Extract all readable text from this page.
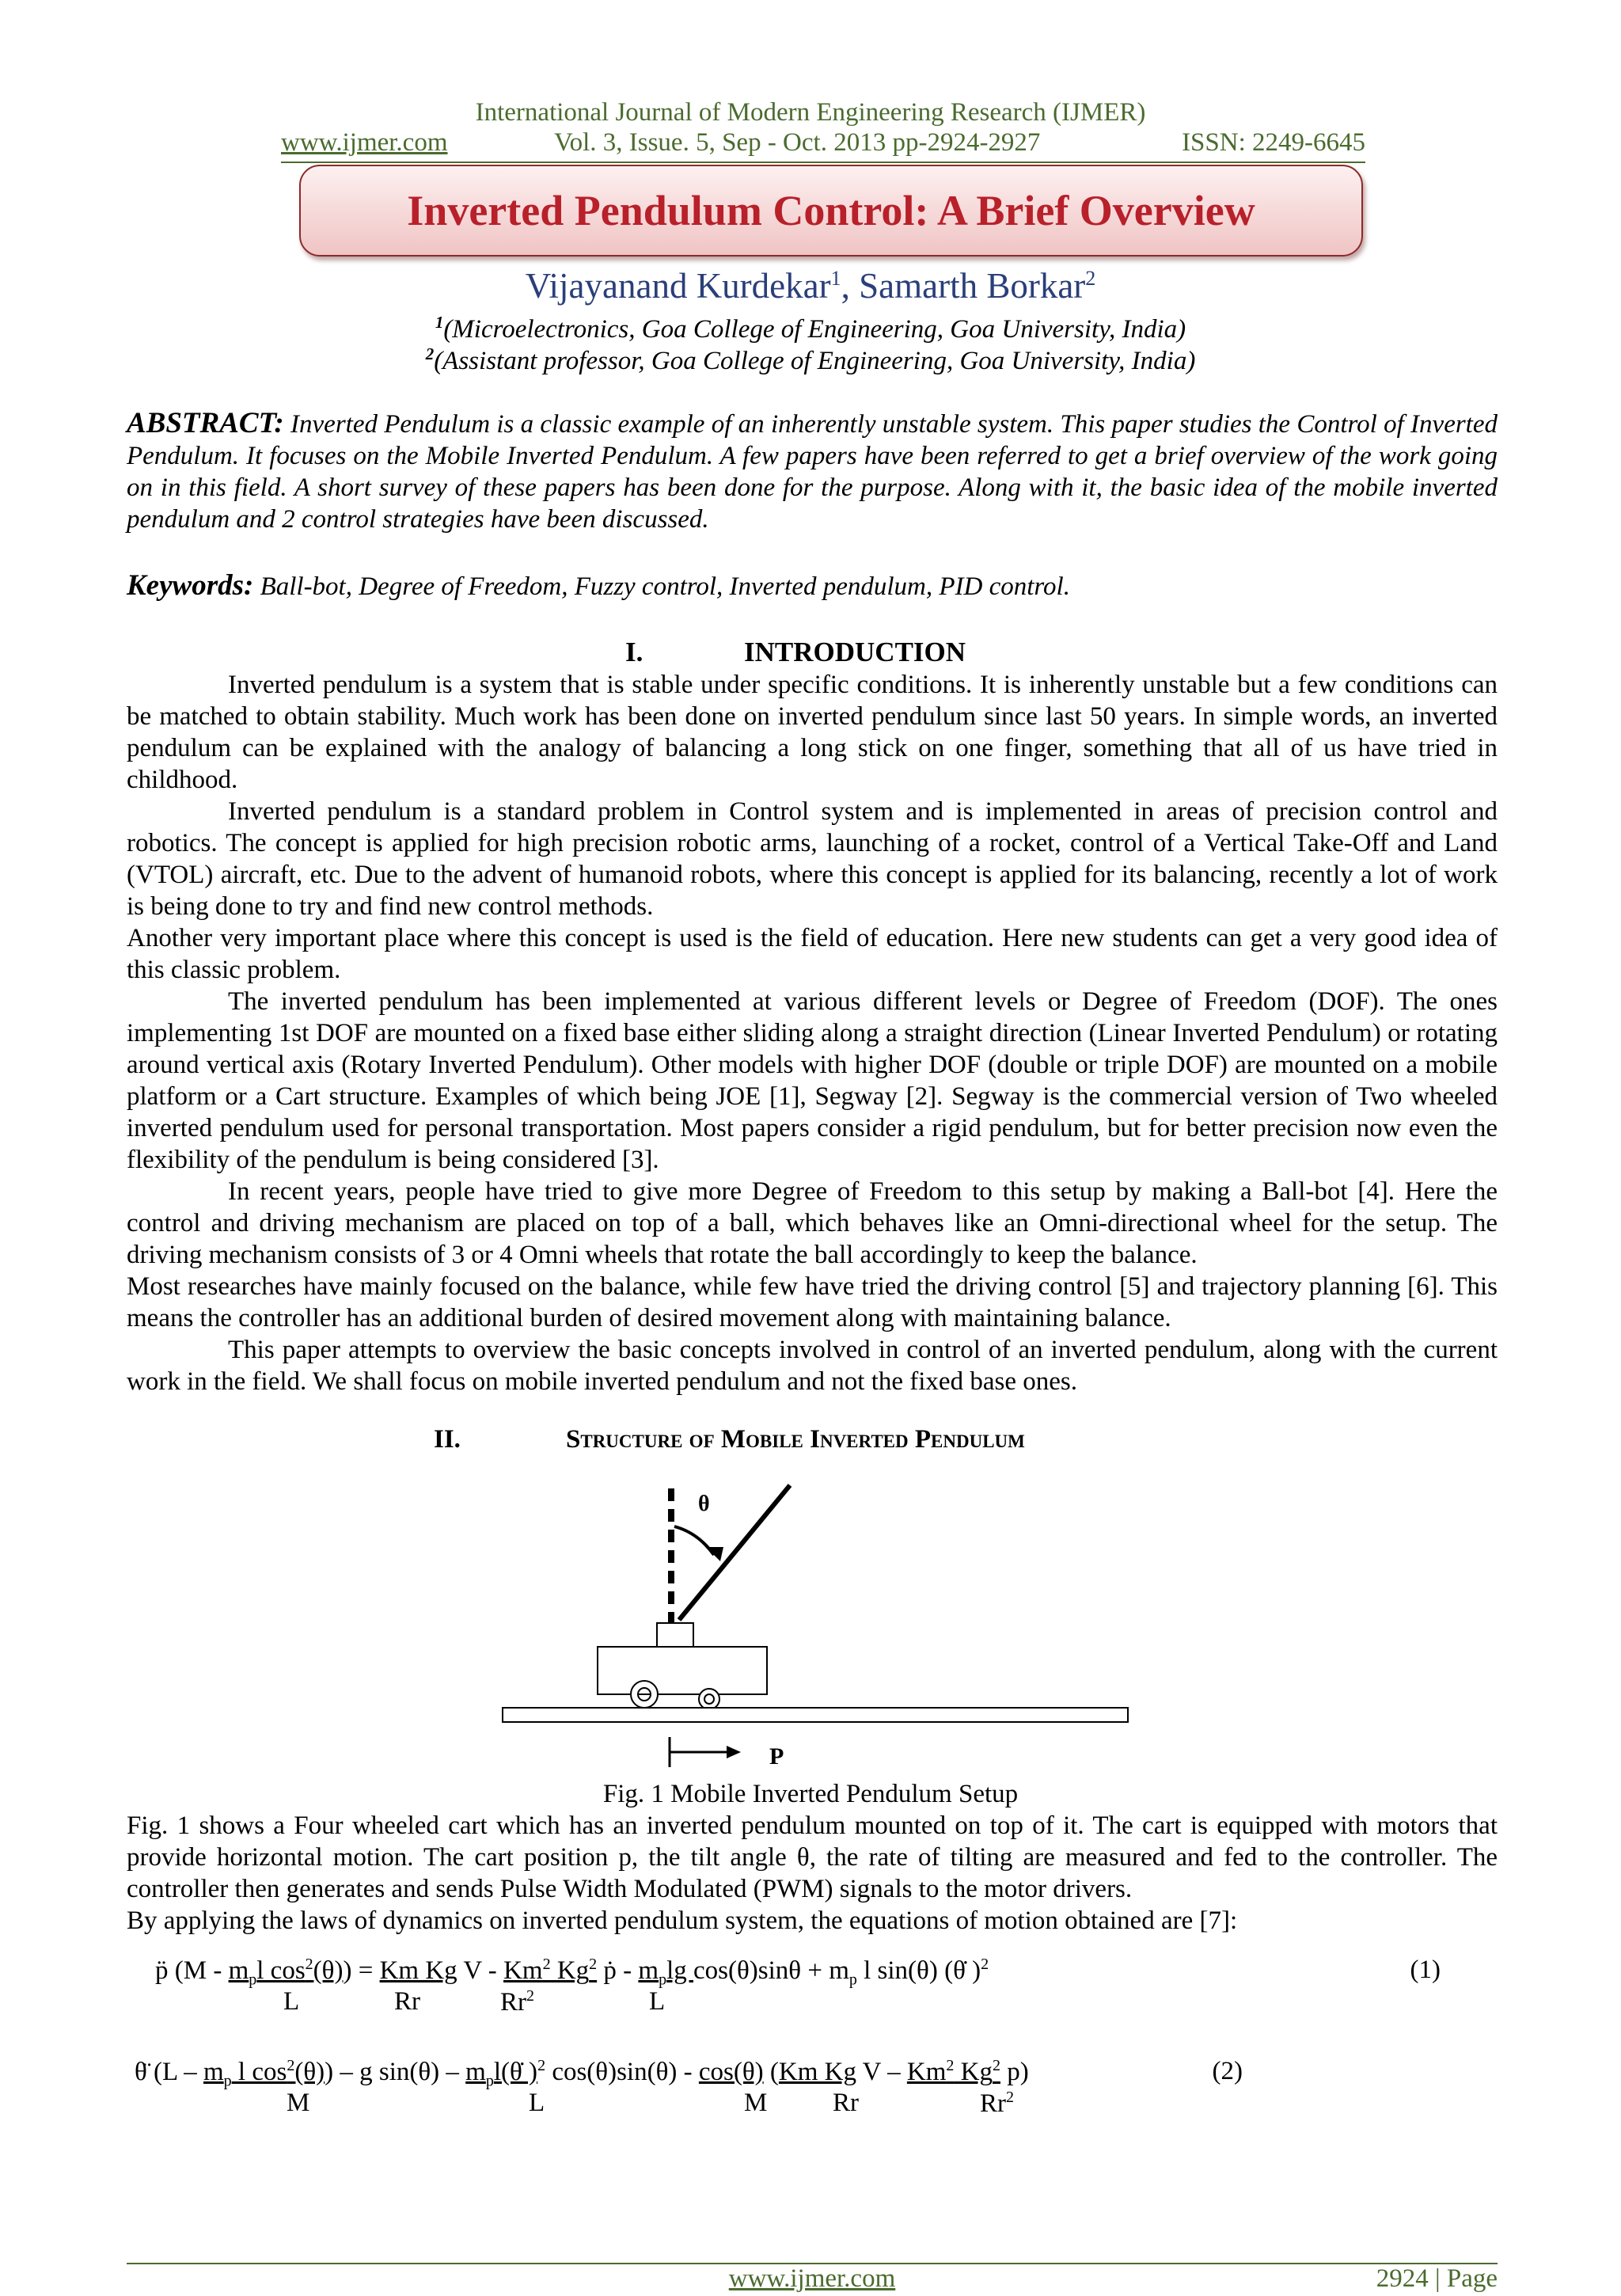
International Journal of Modern Engineering Research (IJMER)
www.ijmer.com	Vol. 3, Issue. 5, Sep - Oct. 2013 pp-2924-2927	ISSN: 2249-6645
Inverted Pendulum Control: A Brief Overview
Vijayanand Kurdekar$^1$, Samarth Borkar$^2$
$^1$(Microelectronics, Goa College of Engineering, Goa University, India)
$^2$(Assistant professor, Goa College of Engineering, Goa University, India)
ABSTRACT: Inverted Pendulum is a classic example of an inherently unstable system. This paper studies the Control of Inverted Pendulum. It focuses on the Mobile Inverted Pendulum. A few papers have been referred to get a brief overview of the work going on in this field. A short survey of these papers has been done for the purpose. Along with it, the basic idea of the mobile inverted pendulum and 2 control strategies have been discussed.
Keywords: Ball-bot, Degree of Freedom, Fuzzy control, Inverted pendulum, PID control.
I.	INTRODUCTION

Inverted pendulum is a system that is stable under specific conditions. It is inherently unstable but a few conditions can be matched to obtain stability. Much work has been done on inverted pendulum since last 50 years. In simple words, an inverted pendulum can be explained with the analogy of balancing a long stick on one finger, something that all of us have tried in childhood.

Inverted pendulum is a standard problem in Control system and is implemented in areas of precision control and robotics. The concept is applied for high precision robotic arms, launching of a rocket, control of a Vertical Take-Off and Land (VTOL) aircraft, etc. Due to the advent of humanoid robots, where this concept is applied for its balancing, recently a lot of work is being done to try and find new control methods.

Another very important place where this concept is used is the field of education. Here new students can get a very good idea of this classic problem.

The inverted pendulum has been implemented at various different levels or Degree of Freedom (DOF). The ones implementing 1st DOF are mounted on a fixed base either sliding along a straight direction (Linear Inverted Pendulum) or rotating around vertical axis (Rotary Inverted Pendulum). Other models with higher DOF (double or triple DOF) are mounted on a mobile platform or a Cart structure. Examples of which being JOE [1], Segway [2]. Segway is the commercial version of Two wheeled inverted pendulum used for personal transportation. Most papers consider a rigid pendulum, but for better precision now even the flexibility of the pendulum is being considered [3].

In recent years, people have tried to give more Degree of Freedom to this setup by making a Ball-bot [4]. Here the control and driving mechanism are placed on top of a ball, which behaves like an Omni-directional wheel for the setup. The driving mechanism consists of 3 or 4 Omni wheels that rotate the ball accordingly to keep the balance.

Most researches have mainly focused on the balance, while few have tried the driving control [5] and trajectory planning [6]. This means the controller has an additional burden of desired movement along with maintaining balance.

This paper attempts to overview the basic concepts involved in control of an inverted pendulum, along with the current work in the field. We shall focus on mobile inverted pendulum and not the fixed base ones.

II.	Structure of Mobile Inverted Pendulum
θ
P
Fig. 1 Mobile Inverted Pendulum Setup

Fig. 1 shows a Four wheeled cart which has an inverted pendulum mounted on top of it. The cart is equipped with motors that provide horizontal motion. The cart position p, the tilt angle θ, the rate of tilting are measured and fed to the controller. The controller then generates and sends Pulse Width Modulated (PWM) signals to the motor drivers.

By applying the laws of dynamics on inverted pendulum system, the equations of motion obtained are [7]:

p̈ ($M - m_pl$ $\cos^2(\theta)) = Km$ Kg V - Km$^2$ Kg$^2$ ṗ - $m_p\lg$ $\cos(\theta)\sin\theta + m_p$ l sin(θ) (θ̇ )$^2$
L	Rr	Rr$^2$	L
(1)
θ̈ ($L - m_p$ l $\cos^2(\theta)$) – g $\sin(\theta) - m_pl(\thetȧ$ )$^2$ cos(θ)sin(θ) - cos(θ) (Km Kg V – Km$^2$ Kg$^2$ p)
M	L	M	Rr	Rr$^2$
(2)
www.ijmer.com	2924 | Page
